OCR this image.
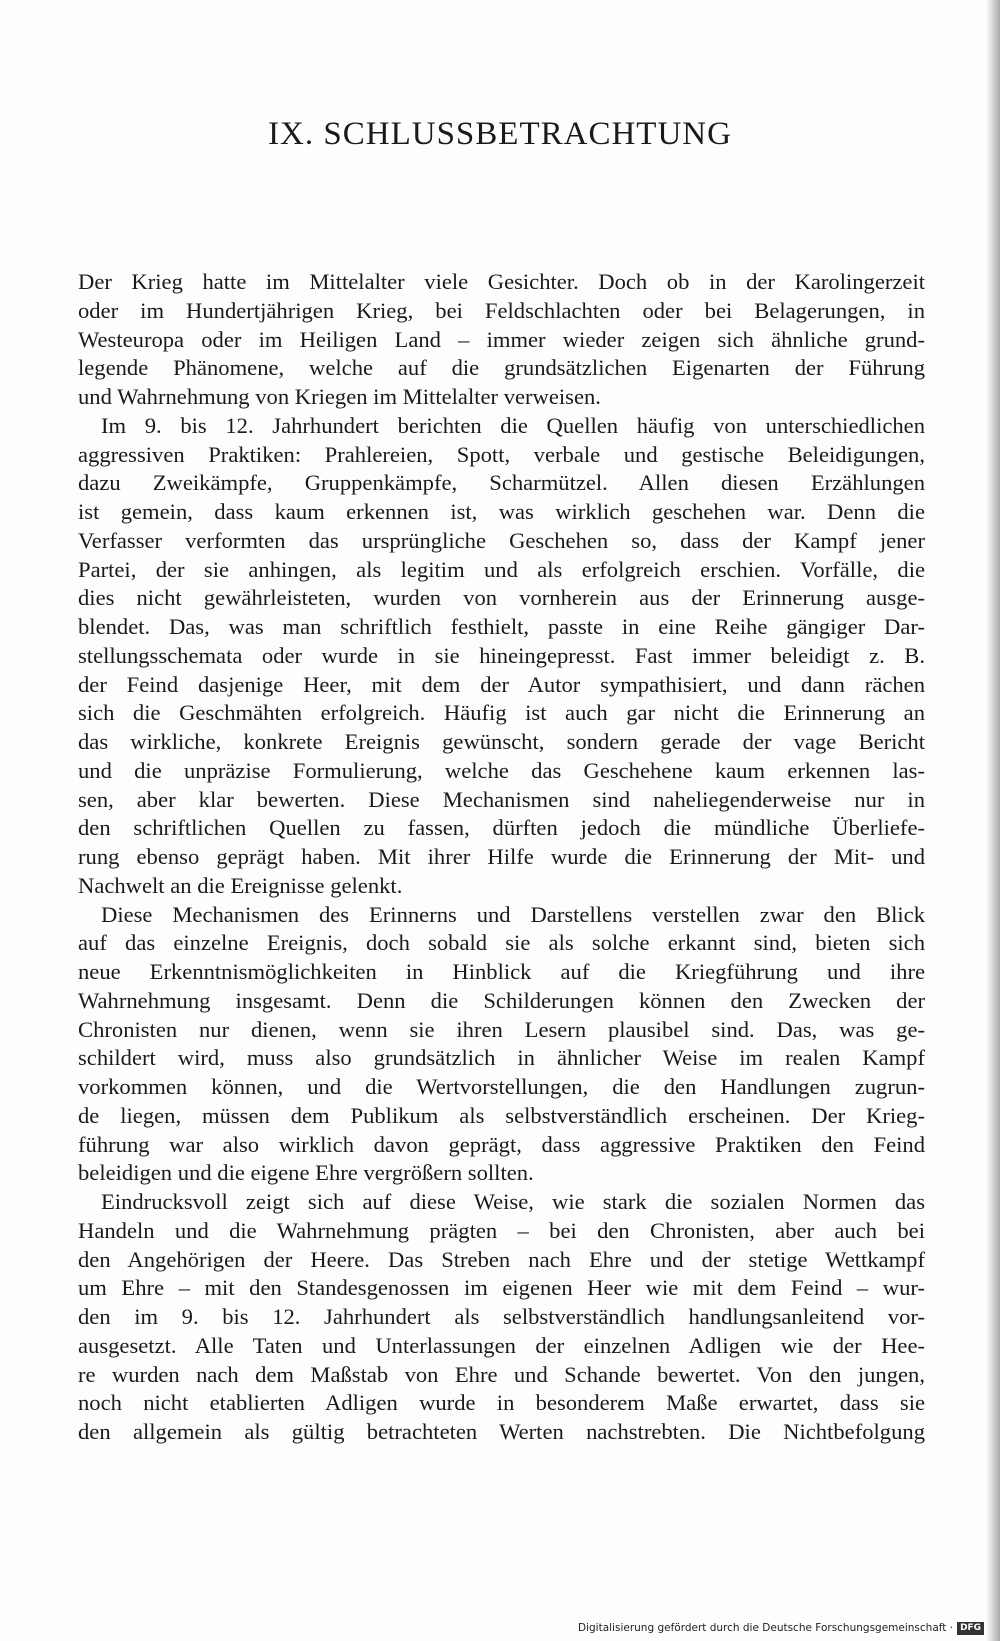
IX. SCHLUSSBETRACHTUNG
Der Krieg hatte im Mittelalter viele Gesichter. Doch ob in der Karolingerzeit
oder im Hundertjährigen Krieg, bei Feldschlachten oder bei Belagerungen, in
Westeuropa oder im Heiligen Land – immer wieder zeigen sich ähnliche grund-
legende Phänomene, welche auf die grundsätzlichen Eigenarten der Führung
und Wahrnehmung von Kriegen im Mittelalter verweisen.
Im 9. bis 12. Jahrhundert berichten die Quellen häufig von unterschiedlichen
aggressiven Praktiken: Prahlereien, Spott, verbale und gestische Beleidigungen,
dazu Zweikämpfe, Gruppenkämpfe, Scharmützel. Allen diesen Erzählungen
ist gemein, dass kaum erkennen ist, was wirklich geschehen war. Denn die
Verfasser verformten das ursprüngliche Geschehen so, dass der Kampf jener
Partei, der sie anhingen, als legitim und als erfolgreich erschien. Vorfälle, die
dies nicht gewährleisteten, wurden von vornherein aus der Erinnerung ausge-
blendet. Das, was man schriftlich festhielt, passte in eine Reihe gängiger Dar-
stellungsschemata oder wurde in sie hineingepresst. Fast immer beleidigt z. B.
der Feind dasjenige Heer, mit dem der Autor sympathisiert, und dann rächen
sich die Geschmähten erfolgreich. Häufig ist auch gar nicht die Erinnerung an
das wirkliche, konkrete Ereignis gewünscht, sondern gerade der vage Bericht
und die unpräzise Formulierung, welche das Geschehene kaum erkennen las-
sen, aber klar bewerten. Diese Mechanismen sind naheliegenderweise nur in
den schriftlichen Quellen zu fassen, dürften jedoch die mündliche Überliefe-
rung ebenso geprägt haben. Mit ihrer Hilfe wurde die Erinnerung der Mit- und
Nachwelt an die Ereignisse gelenkt.
Diese Mechanismen des Erinnerns und Darstellens verstellen zwar den Blick
auf das einzelne Ereignis, doch sobald sie als solche erkannt sind, bieten sich
neue Erkenntnismöglichkeiten in Hinblick auf die Kriegführung und ihre
Wahrnehmung insgesamt. Denn die Schilderungen können den Zwecken der
Chronisten nur dienen, wenn sie ihren Lesern plausibel sind. Das, was ge-
schildert wird, muss also grundsätzlich in ähnlicher Weise im realen Kampf
vorkommen können, und die Wertvorstellungen, die den Handlungen zugrun-
de liegen, müssen dem Publikum als selbstverständlich erscheinen. Der Krieg-
führung war also wirklich davon geprägt, dass aggressive Praktiken den Feind
beleidigen und die eigene Ehre vergrößern sollten.
Eindrucksvoll zeigt sich auf diese Weise, wie stark die sozialen Normen das
Handeln und die Wahrnehmung prägten – bei den Chronisten, aber auch bei
den Angehörigen der Heere. Das Streben nach Ehre und der stetige Wettkampf
um Ehre – mit den Standesgenossen im eigenen Heer wie mit dem Feind – wur-
den im 9. bis 12. Jahrhundert als selbstverständlich handlungsanleitend vor-
ausgesetzt. Alle Taten und Unterlassungen der einzelnen Adligen wie der Hee-
re wurden nach dem Maßstab von Ehre und Schande bewertet. Von den jungen,
noch nicht etablierten Adligen wurde in besonderem Maße erwartet, dass sie
den allgemein als gültig betrachteten Werten nachstrebten. Die Nichtbefolgung
Digitalisierung gefördert durch die Deutsche Forschungsgemeinschaft · DFG
